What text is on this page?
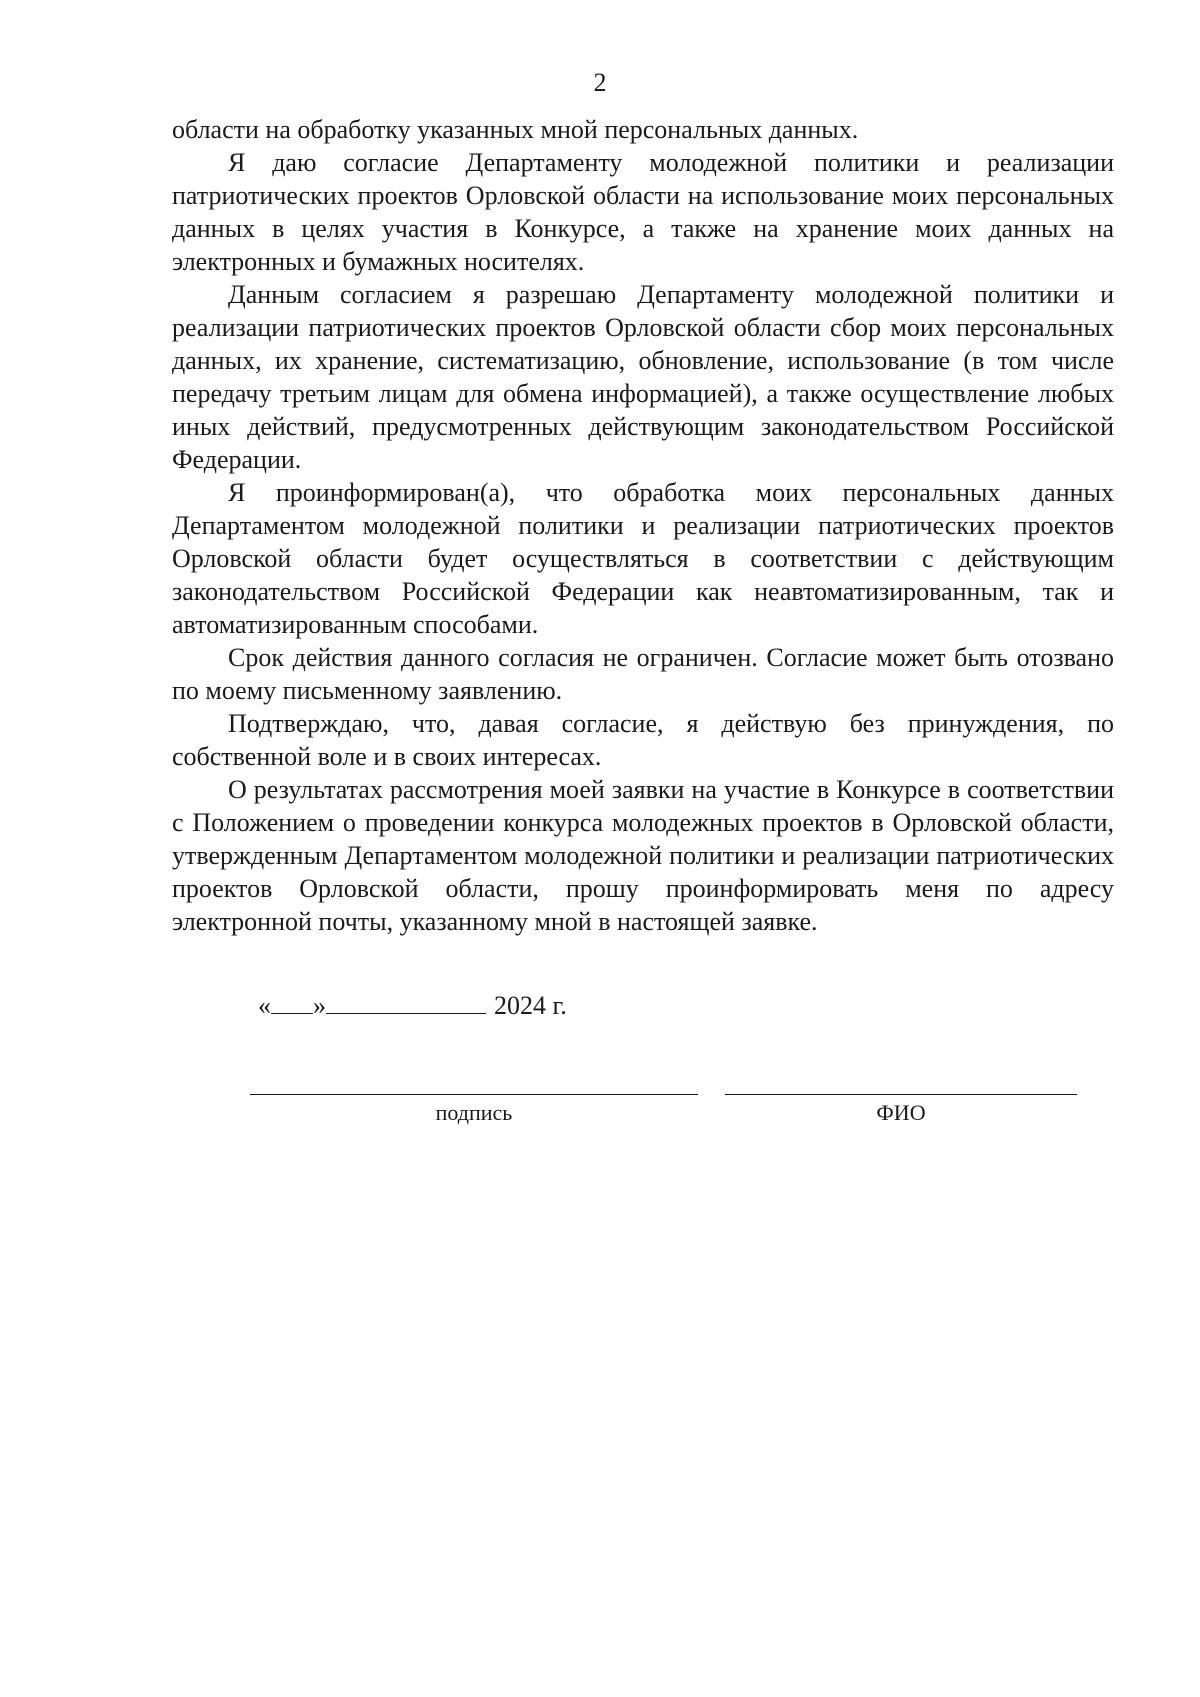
2

области на обработку указанных мной персональных данных.

Я даю согласие Департаменту молодежной политики и реализации патриотических проектов Орловской области на использование моих персональных данных в целях участия в Конкурсе, а также на хранение моих данных на электронных и бумажных носителях.

Данным согласием я разрешаю Департаменту молодежной политики и реализации патриотических проектов Орловской области сбор моих персональных данных, их хранение, систематизацию, обновление, использование (в том числе передачу третьим лицам для обмена информацией), а также осуществление любых иных действий, предусмотренных действующим законодательством Российской Федерации.

Я проинформирован(а), что обработка моих персональных данных Департаментом молодежной политики и реализации патриотических проектов Орловской области будет осуществляться в соответствии с действующим законодательством Российской Федерации как неавтоматизированным, так и автоматизированным способами.

Срок действия данного согласия не ограничен. Согласие может быть отозвано по моему письменному заявлению.

Подтверждаю, что, давая согласие, я действую без принуждения, по собственной воле и в своих интересах.

О результатах рассмотрения моей заявки на участие в Конкурсе в соответствии с Положением о проведении конкурса молодежных проектов в Орловской области, утвержденным Департаментом молодежной политики и реализации патриотических проектов Орловской области, прошу проинформировать меня по адресу электронной почты, указанному мной в настоящей заявке.

« »	2024 г.
подпись	ФИО
